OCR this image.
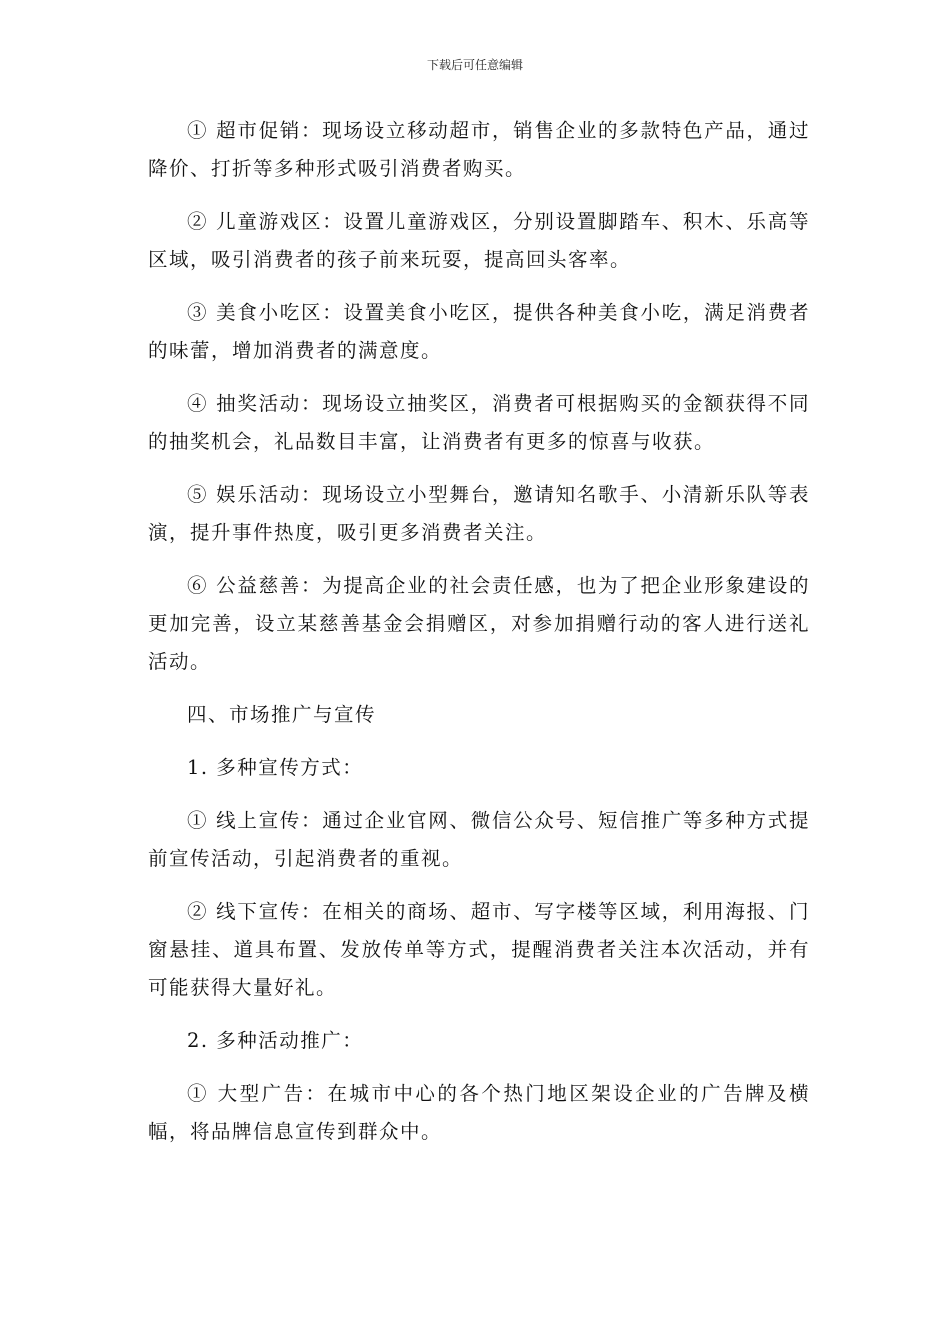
下载后可任意编辑

① 超市促销：现场设立移动超市，销售企业的多款特色产品，通过降价、打折等多种形式吸引消费者购买。

② 儿童游戏区：设置儿童游戏区，分别设置脚踏车、积木、乐高等区域，吸引消费者的孩子前来玩耍，提高回头客率。

③ 美食小吃区：设置美食小吃区，提供各种美食小吃，满足消费者的味蕾，增加消费者的满意度。

④ 抽奖活动：现场设立抽奖区，消费者可根据购买的金额获得不同的抽奖机会，礼品数目丰富，让消费者有更多的惊喜与收获。

⑤ 娱乐活动：现场设立小型舞台，邀请知名歌手、小清新乐队等表演，提升事件热度，吸引更多消费者关注。

⑥ 公益慈善：为提高企业的社会责任感，也为了把企业形象建设的更加完善，设立某慈善基金会捐赠区，对参加捐赠行动的客人进行送礼活动。

四、市场推广与宣传

1. 多种宣传方式：

① 线上宣传：通过企业官网、微信公众号、短信推广等多种方式提前宣传活动，引起消费者的重视。

② 线下宣传：在相关的商场、超市、写字楼等区域，利用海报、门窗悬挂、道具布置、发放传单等方式，提醒消费者关注本次活动，并有可能获得大量好礼。

2. 多种活动推广：

① 大型广告：在城市中心的各个热门地区架设企业的广告牌及横幅，将品牌信息宣传到群众中。
